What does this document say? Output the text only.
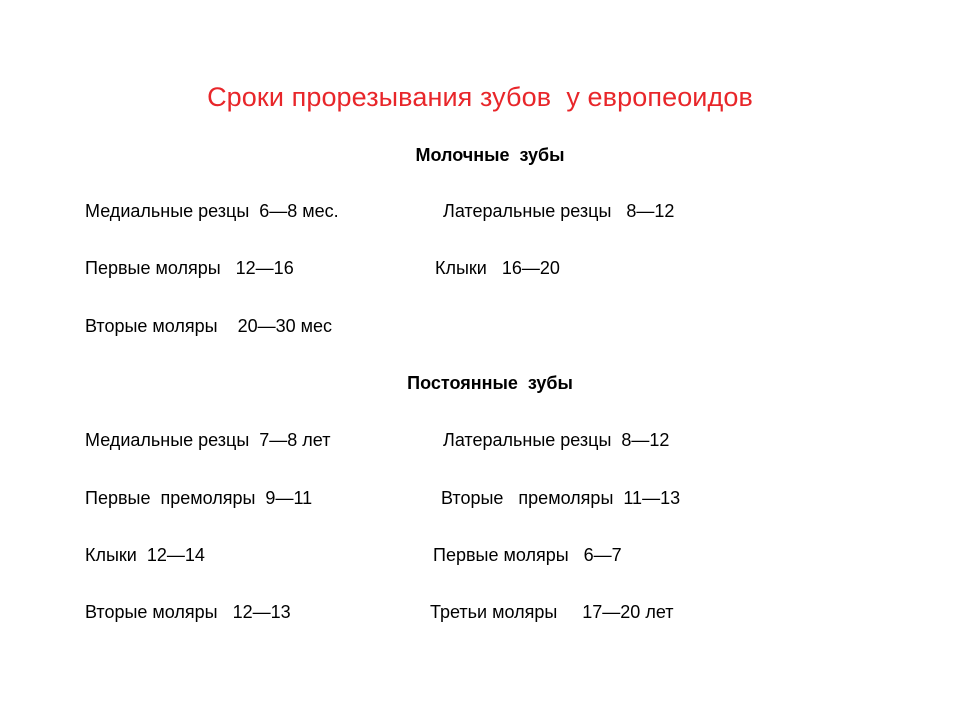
Сроки прорезывания зубов  у европеоидов
Молочные  зубы
Медиальные резцы  6—8 мес.	Латеральные резцы   8—12
Первые моляры   12—16	Клыки   16—20
Вторые моляры    20—30 мес
Постоянные  зубы
Медиальные резцы  7—8 лет	Латеральные резцы  8—12
Первые  премоляры  9—11	Вторые   премоляры  11—13
Клыки  12—14	Первые моляры   6—7
Вторые моляры   12—13	Третьи моляры     17—20 лет
